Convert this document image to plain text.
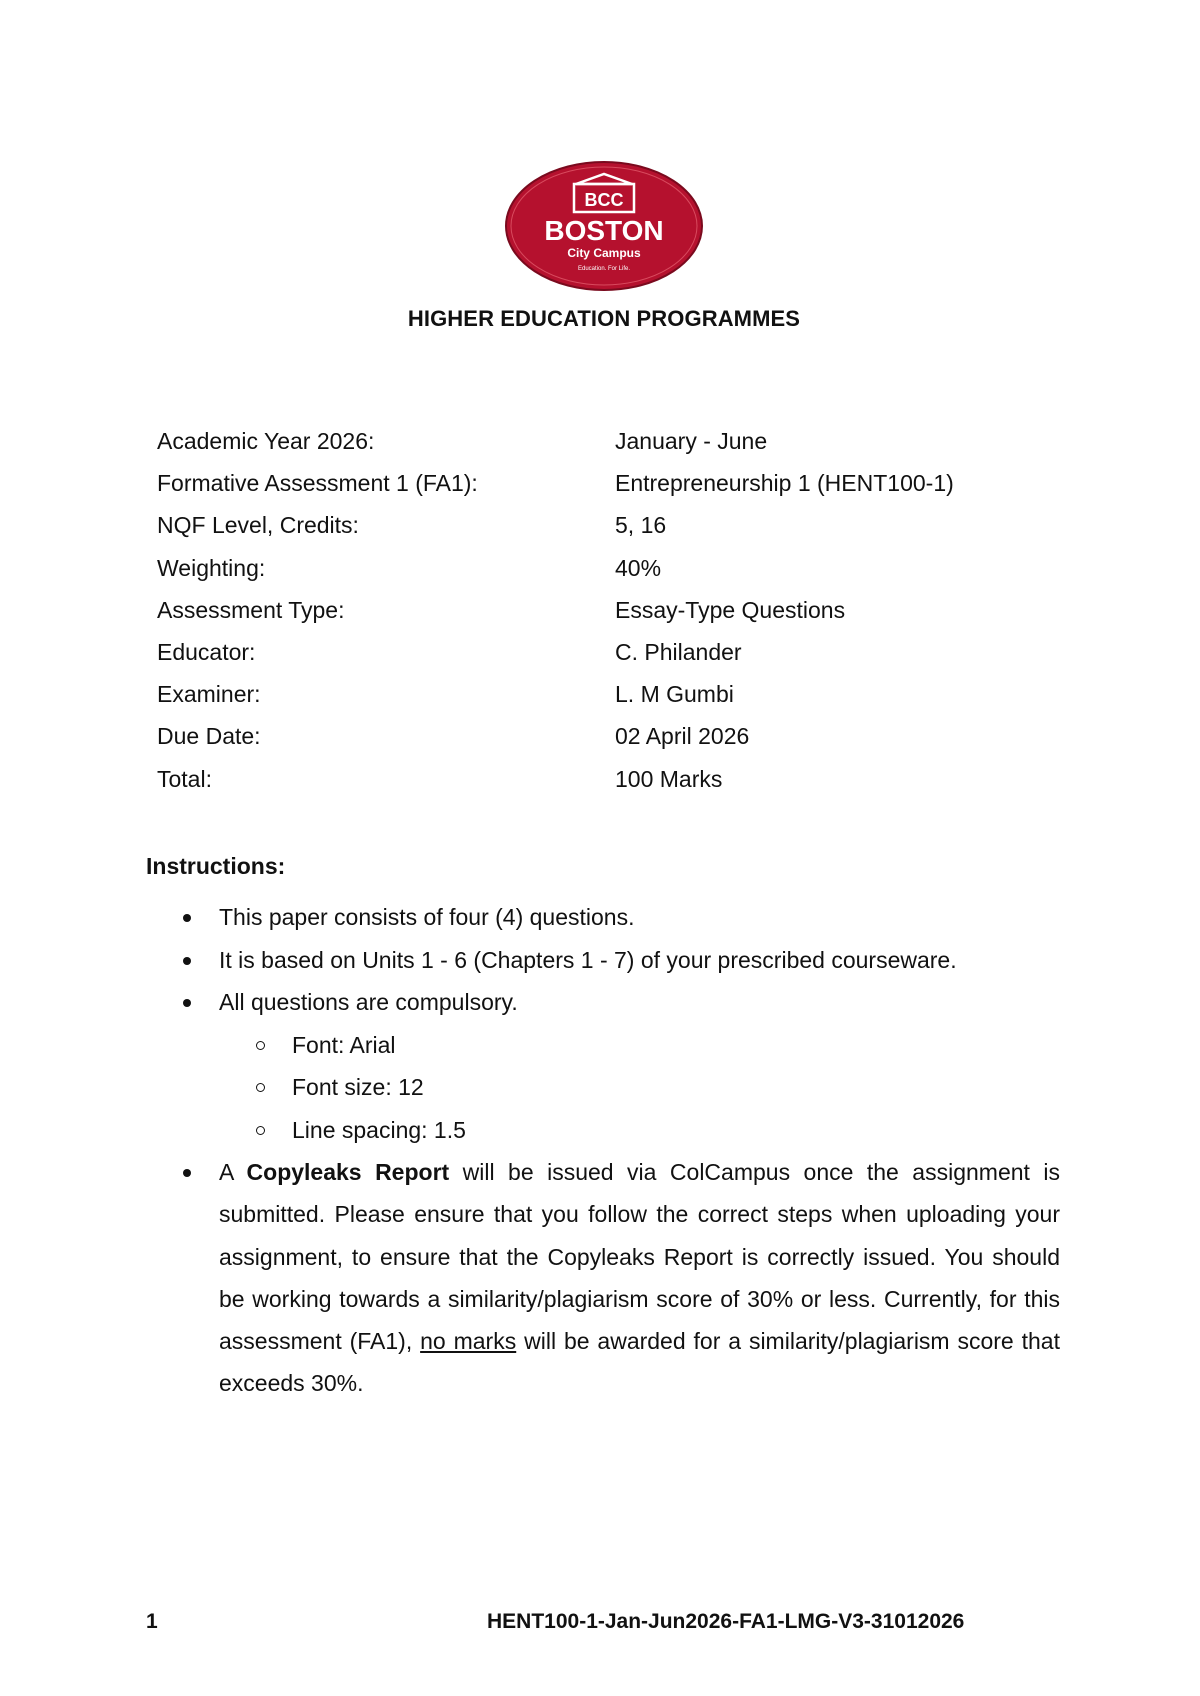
BCC
BOSTON
City Campus
Education. For Life.
HIGHER EDUCATION PROGRAMMES
Academic Year 2026:	January - June
Formative Assessment 1 (FA1):	Entrepreneurship 1 (HENT100-1)
NQF Level, Credits:	5, 16
Weighting:	40%
Assessment Type:	Essay-Type Questions
Educator:	C. Philander
Examiner:	L. M Gumbi
Due Date:	02 April 2026
Total:	100 Marks
Instructions:
This paper consists of four (4) questions.
It is based on Units 1 - 6 (Chapters 1 - 7) of your prescribed courseware.
All questions are compulsory.
Font: Arial
Font size: 12
Line spacing: 1.5
A Copyleaks Report will be issued via ColCampus once the assignment is submitted. Please ensure that you follow the correct steps when uploading your assignment, to ensure that the Copyleaks Report is correctly issued. You should be working towards a similarity/plagiarism score of 30% or less. Currently, for this assessment (FA1), no marks will be awarded for a similarity/plagiarism score that exceeds 30%.
1	HENT100-1-Jan-Jun2026-FA1-LMG-V3-31012026
